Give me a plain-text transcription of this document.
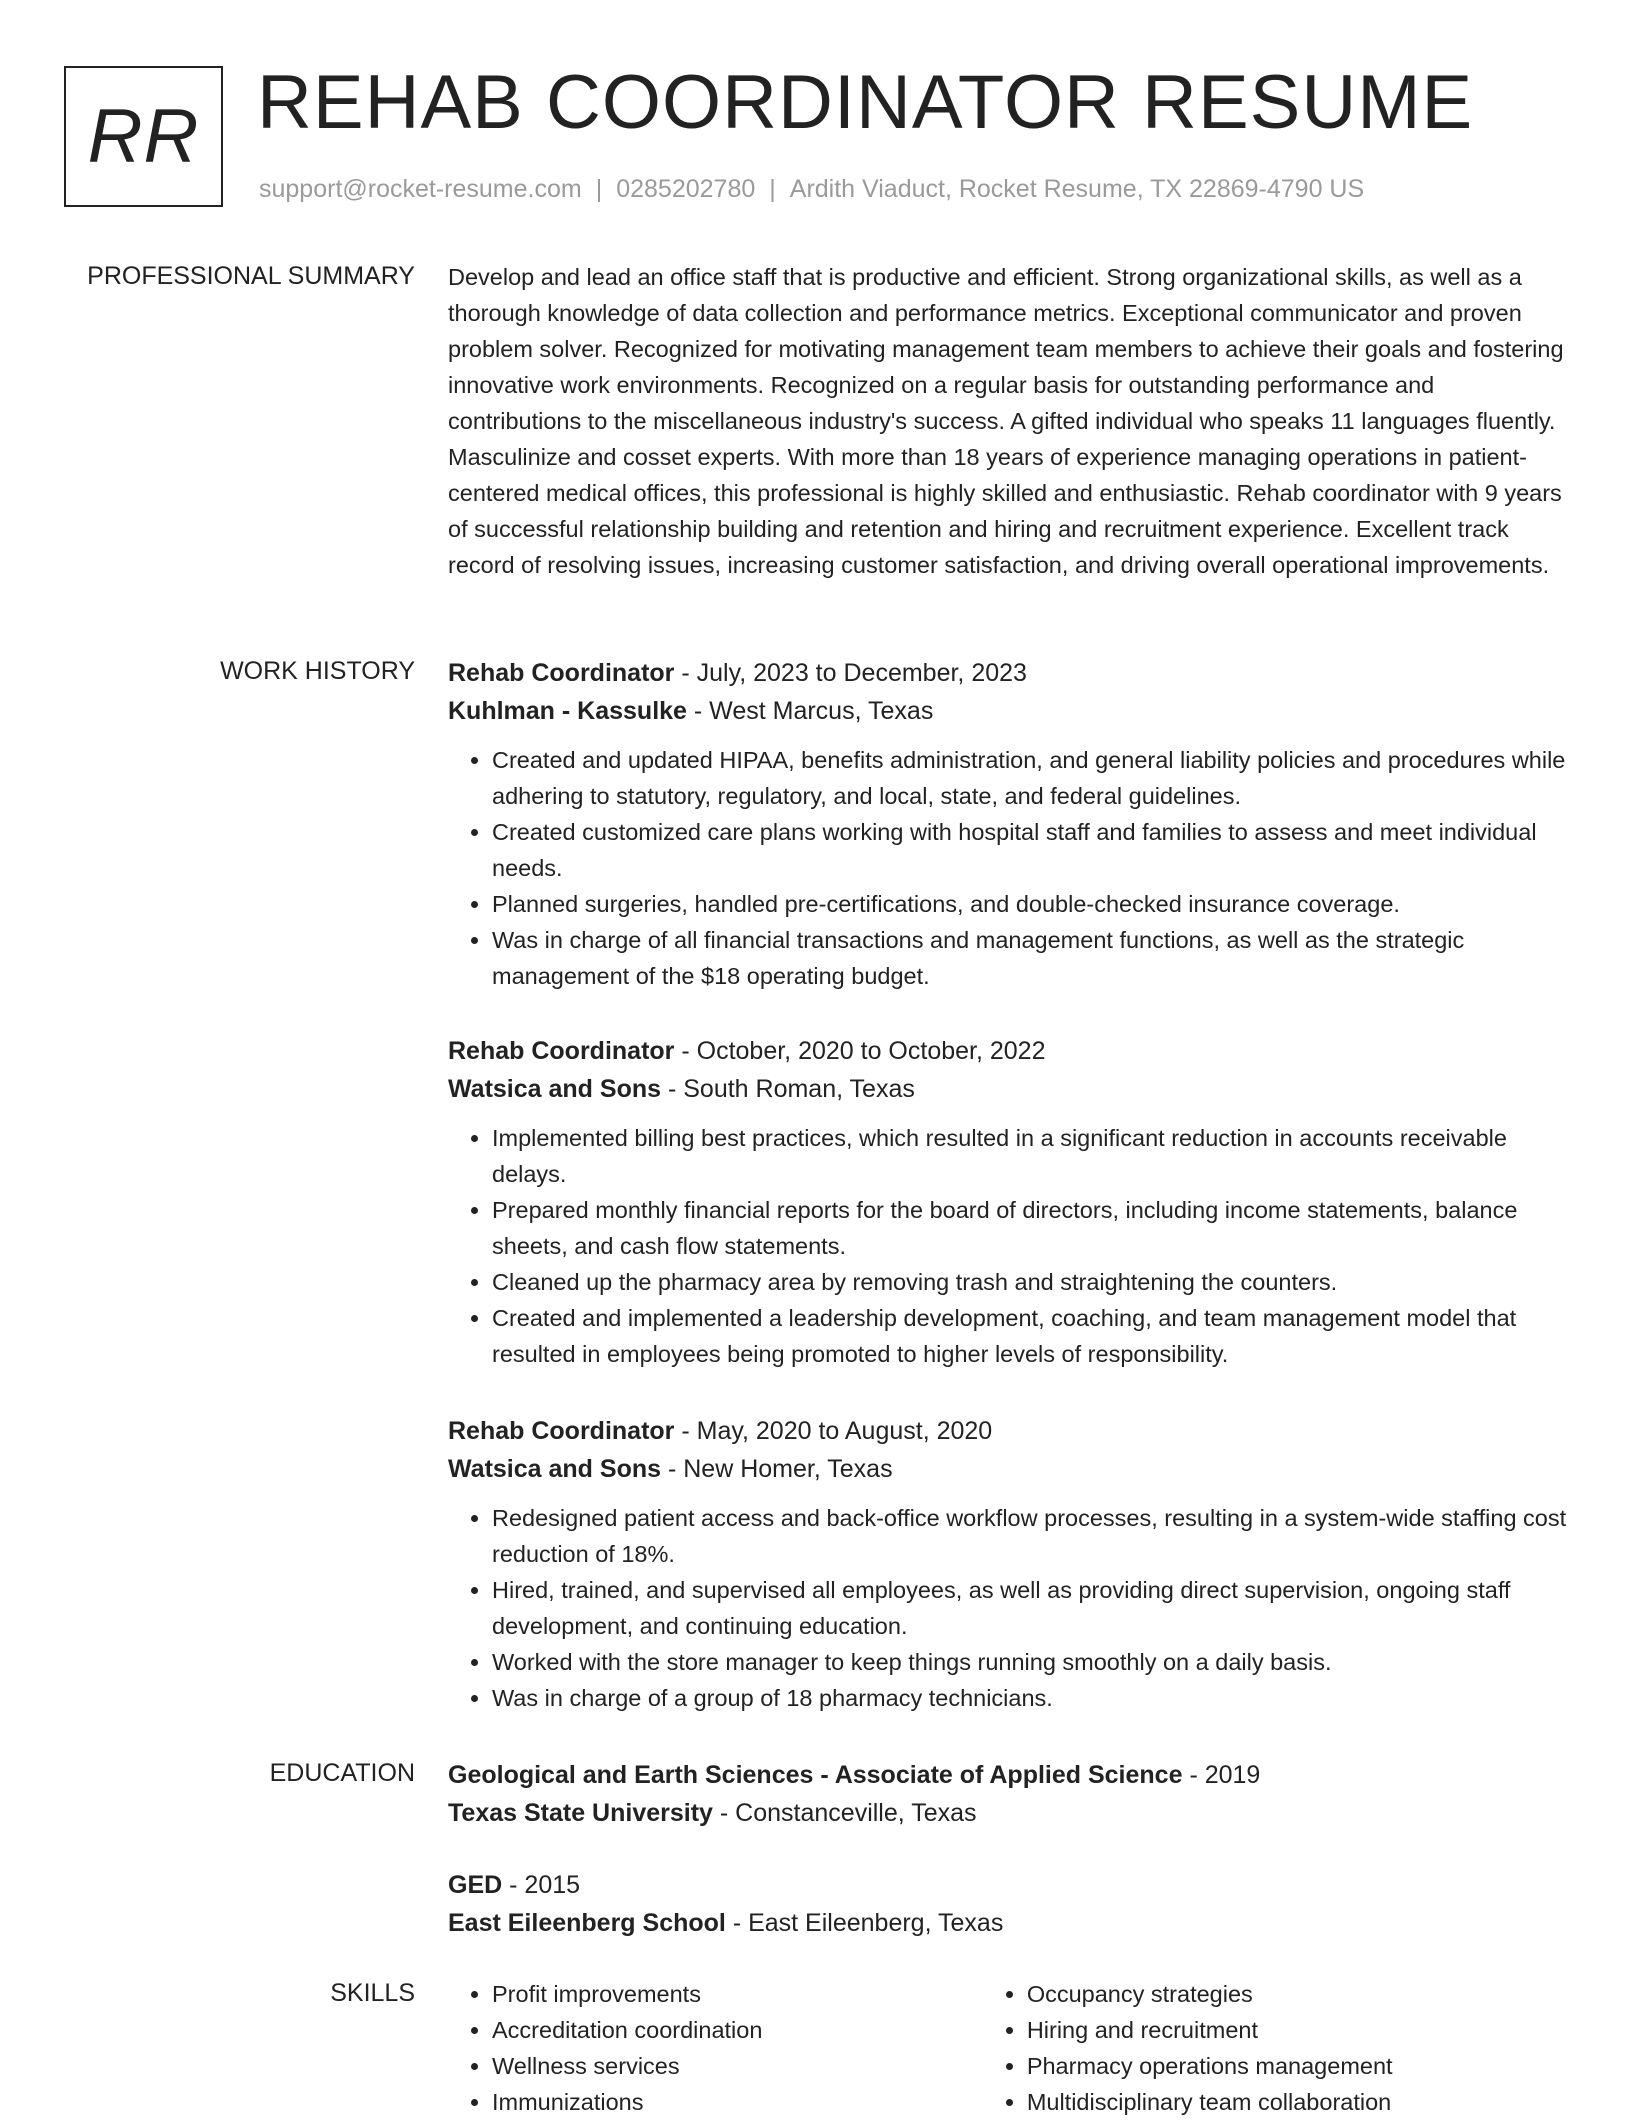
RR REHAB COORDINATOR RESUME
support@rocket-resume.com | 0285202780 | Ardith Viaduct, Rocket Resume, TX 22869-4790 US
PROFESSIONAL SUMMARY Develop and lead an office staff that is productive and efficient. Strong organizational skills, as well as a thorough knowledge of data collection and performance metrics. Exceptional communicator and proven problem solver. Recognized for motivating management team members to achieve their goals and fostering innovative work environments. Recognized on a regular basis for outstanding performance and contributions to the miscellaneous industry's success. A gifted individual who speaks 11 languages fluently. Masculinize and cosset experts. With more than 18 years of experience managing operations in patient-centered medical offices, this professional is highly skilled and enthusiastic. Rehab coordinator with 9 years of successful relationship building and retention and hiring and recruitment experience. Excellent track record of resolving issues, increasing customer satisfaction, and driving overall operational improvements.

WORK HISTORY Rehab Coordinator - July, 2023 to December, 2023
Kuhlman - Kassulke - West Marcus, Texas
• Created and updated HIPAA, benefits administration, and general liability policies and procedures while adhering to statutory, regulatory, and local, state, and federal guidelines.
• Created customized care plans working with hospital staff and families to assess and meet individual needs.
• Planned surgeries, handled pre-certifications, and double-checked insurance coverage.
• Was in charge of all financial transactions and management functions, as well as the strategic management of the $18 operating budget.
Rehab Coordinator - October, 2020 to October, 2022
Watsica and Sons - South Roman, Texas
• Implemented billing best practices, which resulted in a significant reduction in accounts receivable delays.
• Prepared monthly financial reports for the board of directors, including income statements, balance sheets, and cash flow statements.
• Cleaned up the pharmacy area by removing trash and straightening the counters.
• Created and implemented a leadership development, coaching, and team management model that resulted in employees being promoted to higher levels of responsibility.
Rehab Coordinator - May, 2020 to August, 2020
Watsica and Sons - New Homer, Texas
• Redesigned patient access and back-office workflow processes, resulting in a system-wide staffing cost reduction of 18%.
• Hired, trained, and supervised all employees, as well as providing direct supervision, ongoing staff development, and continuing education.
• Worked with the store manager to keep things running smoothly on a daily basis.
• Was in charge of a group of 18 pharmacy technicians.
EDUCATION Geological and Earth Sciences - Associate of Applied Science - 2019
Texas State University - Constanceville, Texas
GED - 2015
East Eileenberg School - East Eileenberg, Texas
SKILLS
•	Profit improvements
• Accreditation coordination
• Wellness services
• Immunizations
• Occupancy strategies
• Hiring and recruitment
• Pharmacy operations management
• Multidisciplinary team collaboration
